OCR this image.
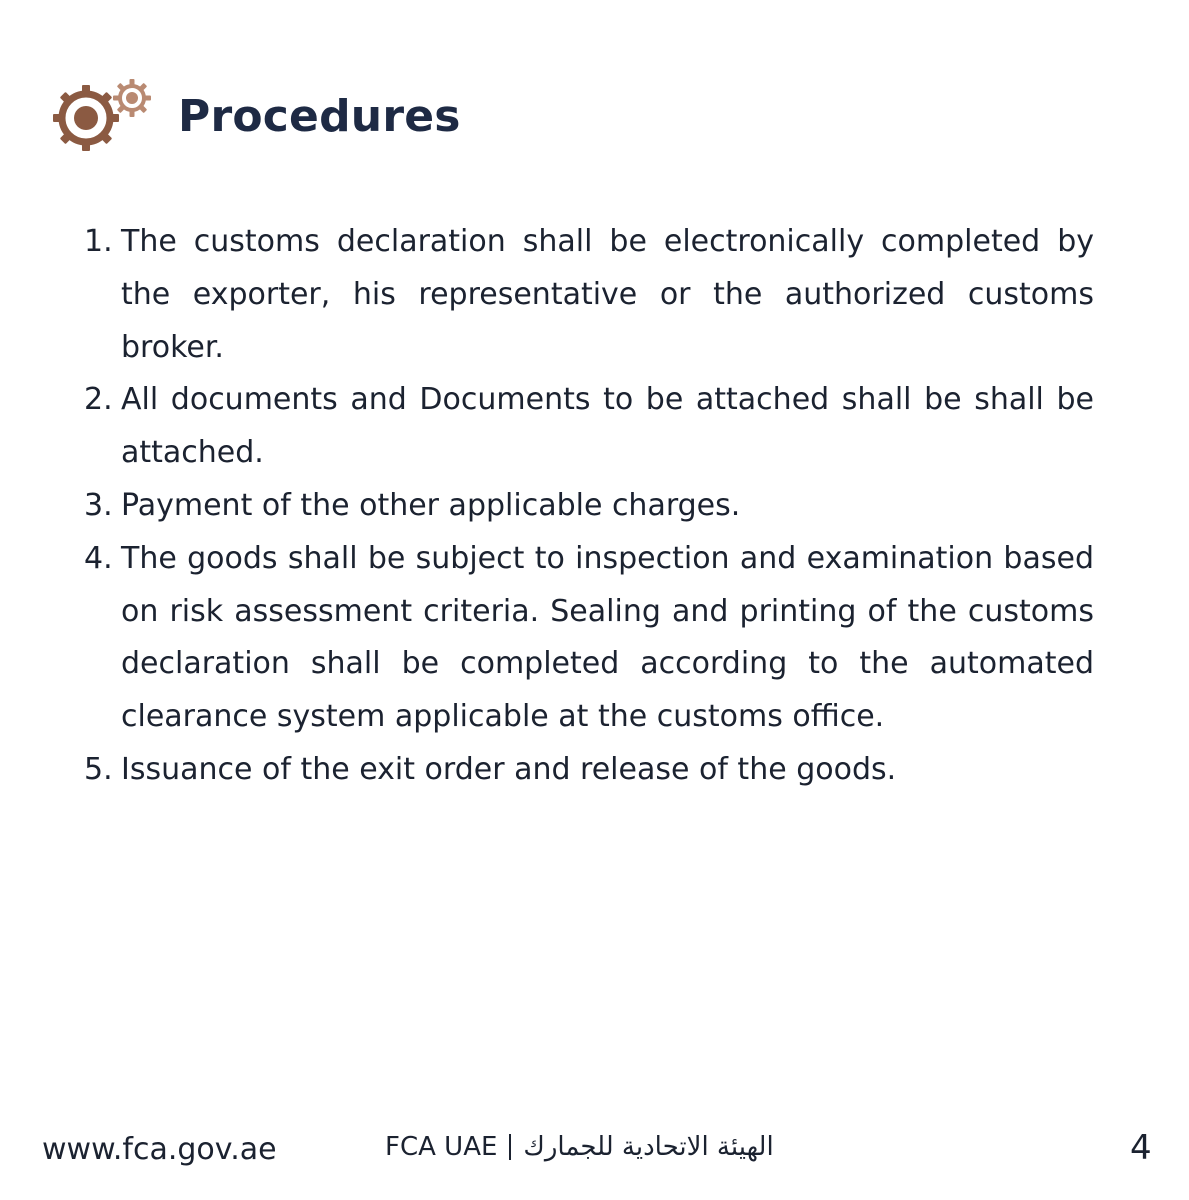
Procedures
1. The customs declaration shall be electronically completed by the exporter, his representative or the authorized customs broker.
2. All documents and Documents to be attached shall be shall be attached.
3. Payment of the other applicable charges.
4. The goods shall be subject to inspection and examination based on risk assessment criteria. Sealing and printing of the customs declaration shall be completed according to the automated clearance system applicable at the customs office.
5. Issuance of the exit order and release of the goods.
www.fca.gov.ae	FCA UAE الهيئة الاتحادية للجمارك	4
